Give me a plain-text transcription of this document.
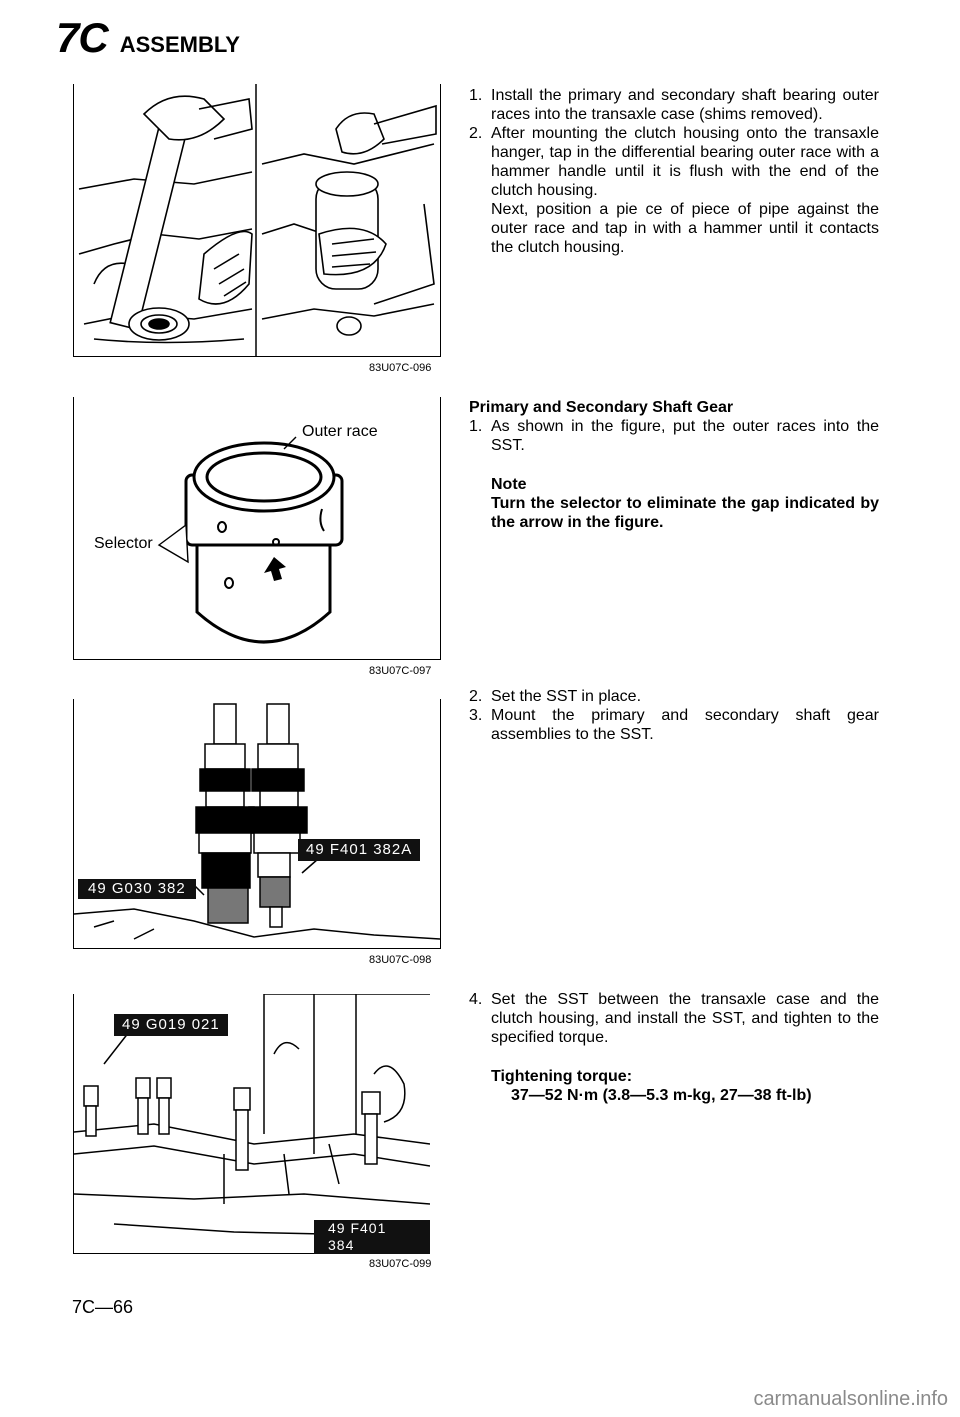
7C ASSEMBLY
83U07C-096
Outer race
Selector
83U07C-097
49 F401 382A
49 G030 382
83U07C-098
49 G019 021
49 F401 384
83U07C-099
1. Install the primary and secondary shaft bearing outer races into the transaxle case (shims removed).
2. After mounting the clutch housing onto the transaxle hanger, tap in the differential bearing outer race with a hammer handle until it is flush with the end of the clutch housing.
Next, position a pie ce of piece of pipe against the outer race and tap in with a hammer until it contacts the clutch housing.
Primary and Secondary Shaft Gear
1. As shown in the figure, put the outer races into the SST.
Note
Turn the selector to eliminate the gap indicated by the arrow in the figure.
2. Set the SST in place.
3. Mount the primary and secondary shaft gear assemblies to the SST.
4. Set the SST between the transaxle case and the clutch housing, and install the SST, and tighten to the specified torque.
Tightening torque:
37—52 N·m (3.8—5.3 m-kg, 27—38 ft-lb)
7C—66
carmanualsonline.info
